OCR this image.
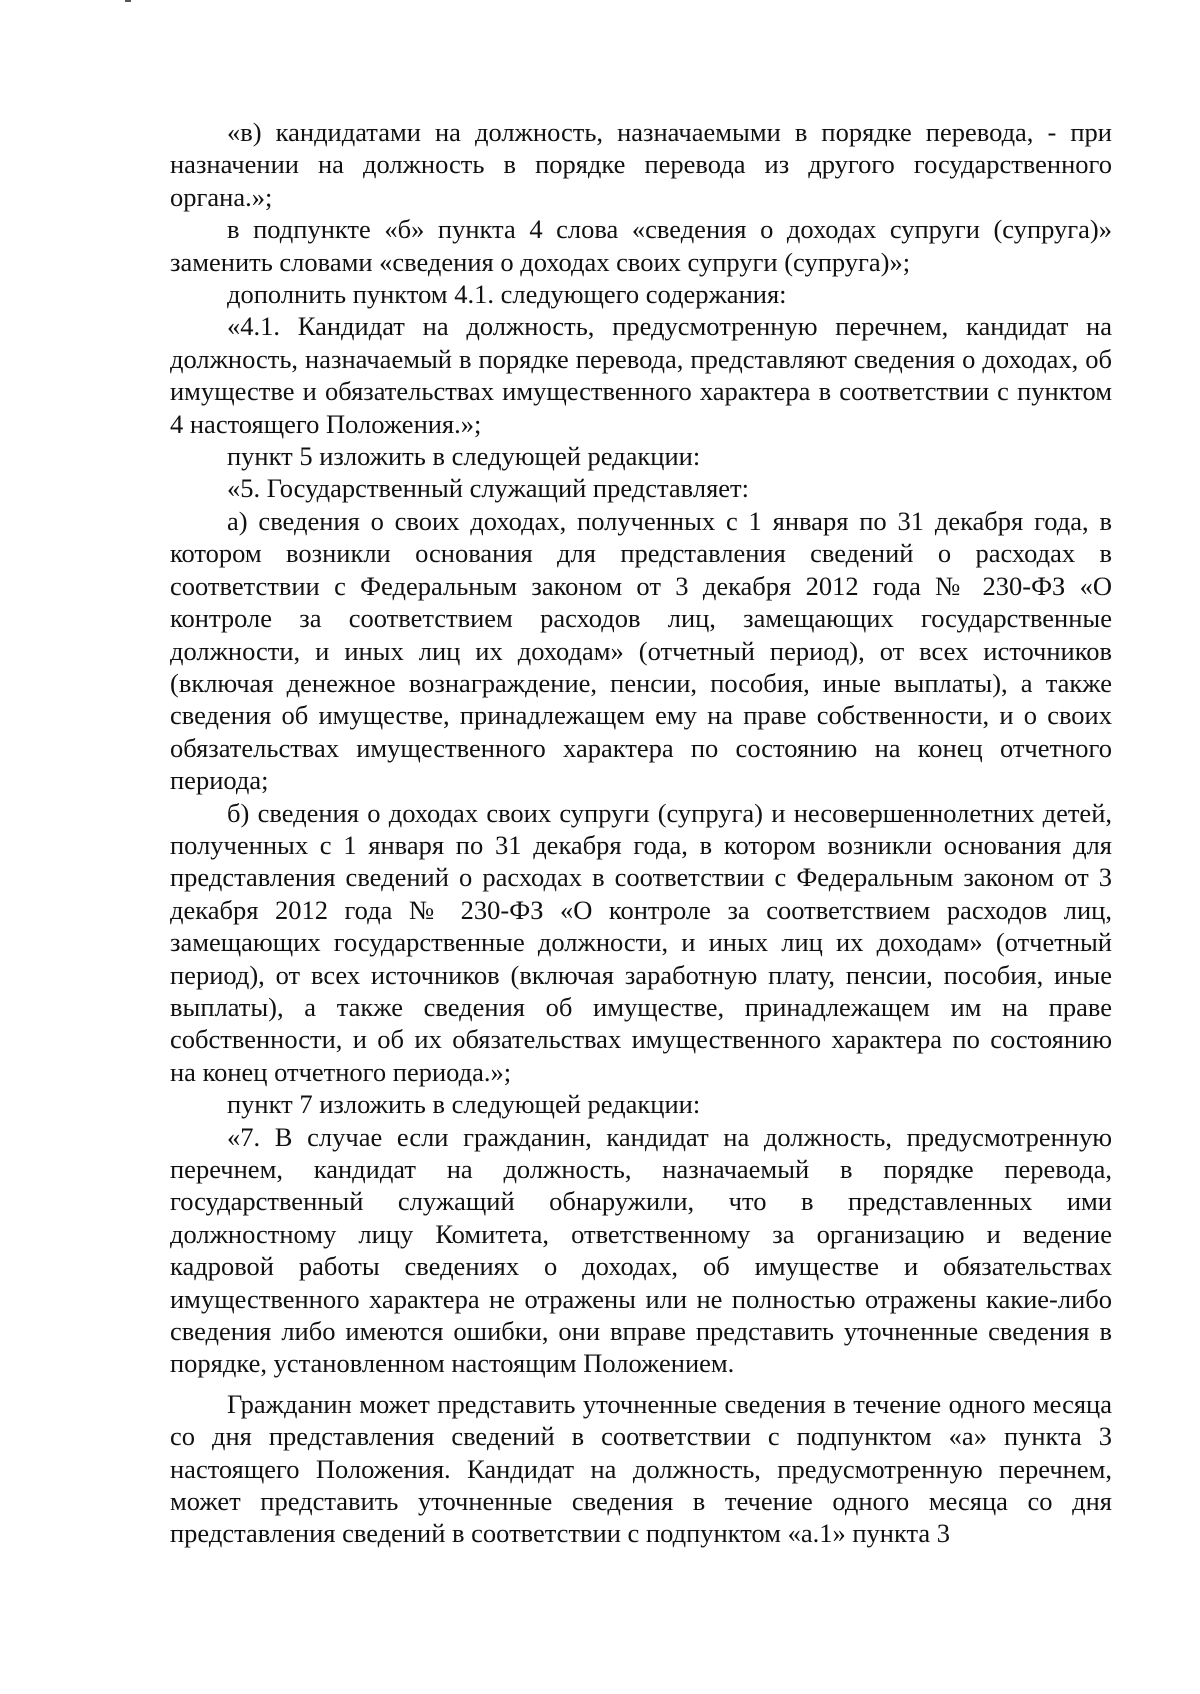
«в) кандидатами на должность, назначаемыми в порядке перевода, - при назначении на должность в порядке перевода из другого государственного органа.»;

в подпункте «б» пункта 4 слова «сведения о доходах супруги (супруга)» заменить словами «сведения о доходах своих супруги (супруга)»;

дополнить пунктом 4.1. следующего содержания:

«4.1. Кандидат на должность, предусмотренную перечнем, кандидат на должность, назначаемый в порядке перевода, представляют сведения о доходах, об имуществе и обязательствах имущественного характера в соответствии с пунктом 4 настоящего Положения.»;

пункт 5 изложить в следующей редакции:

«5. Государственный служащий представляет:

а) сведения о своих доходах, полученных с 1 января по 31 декабря года, в котором возникли основания для представления сведений о расходах в соответствии с Федеральным законом от 3 декабря 2012 года № 230-ФЗ «О контроле за соответствием расходов лиц, замещающих государственные должности, и иных лиц их доходам» (отчетный период), от всех источников (включая денежное вознаграждение, пенсии, пособия, иные выплаты), а также сведения об имуществе, принадлежащем ему на праве собственности, и о своих обязательствах имущественного характера по состоянию на конец отчетного периода;

б) сведения о доходах своих супруги (супруга) и несовершеннолетних детей, полученных с 1 января по 31 декабря года, в котором возникли основания для представления сведений о расходах в соответствии с Федеральным законом от 3 декабря 2012 года № 230-ФЗ «О контроле за соответствием расходов лиц, замещающих государственные должности, и иных лиц их доходам» (отчетный период), от всех источников (включая заработную плату, пенсии, пособия, иные выплаты), а также сведения об имуществе, принадлежащем им на праве собственности, и об их обязательствах имущественного характера по состоянию на конец отчетного периода.»;

пункт 7 изложить в следующей редакции:

«7. В случае если гражданин, кандидат на должность, предусмотренную перечнем, кандидат на должность, назначаемый в порядке перевода, государственный служащий обнаружили, что в представленных ими должностному лицу Комитета, ответственному за организацию и ведение кадровой работы сведениях о доходах, об имуществе и обязательствах имущественного характера не отражены или не полностью отражены какие-либо сведения либо имеются ошибки, они вправе представить уточненные сведения в порядке, установленном настоящим Положением.

Гражданин может представить уточненные сведения в течение одного месяца со дня представления сведений в соответствии с подпунктом «а» пункта 3 настоящего Положения. Кандидат на должность, предусмотренную перечнем, может представить уточненные сведения в течение одного месяца со дня представления сведений в соответствии с подпунктом «а.1» пункта 3
